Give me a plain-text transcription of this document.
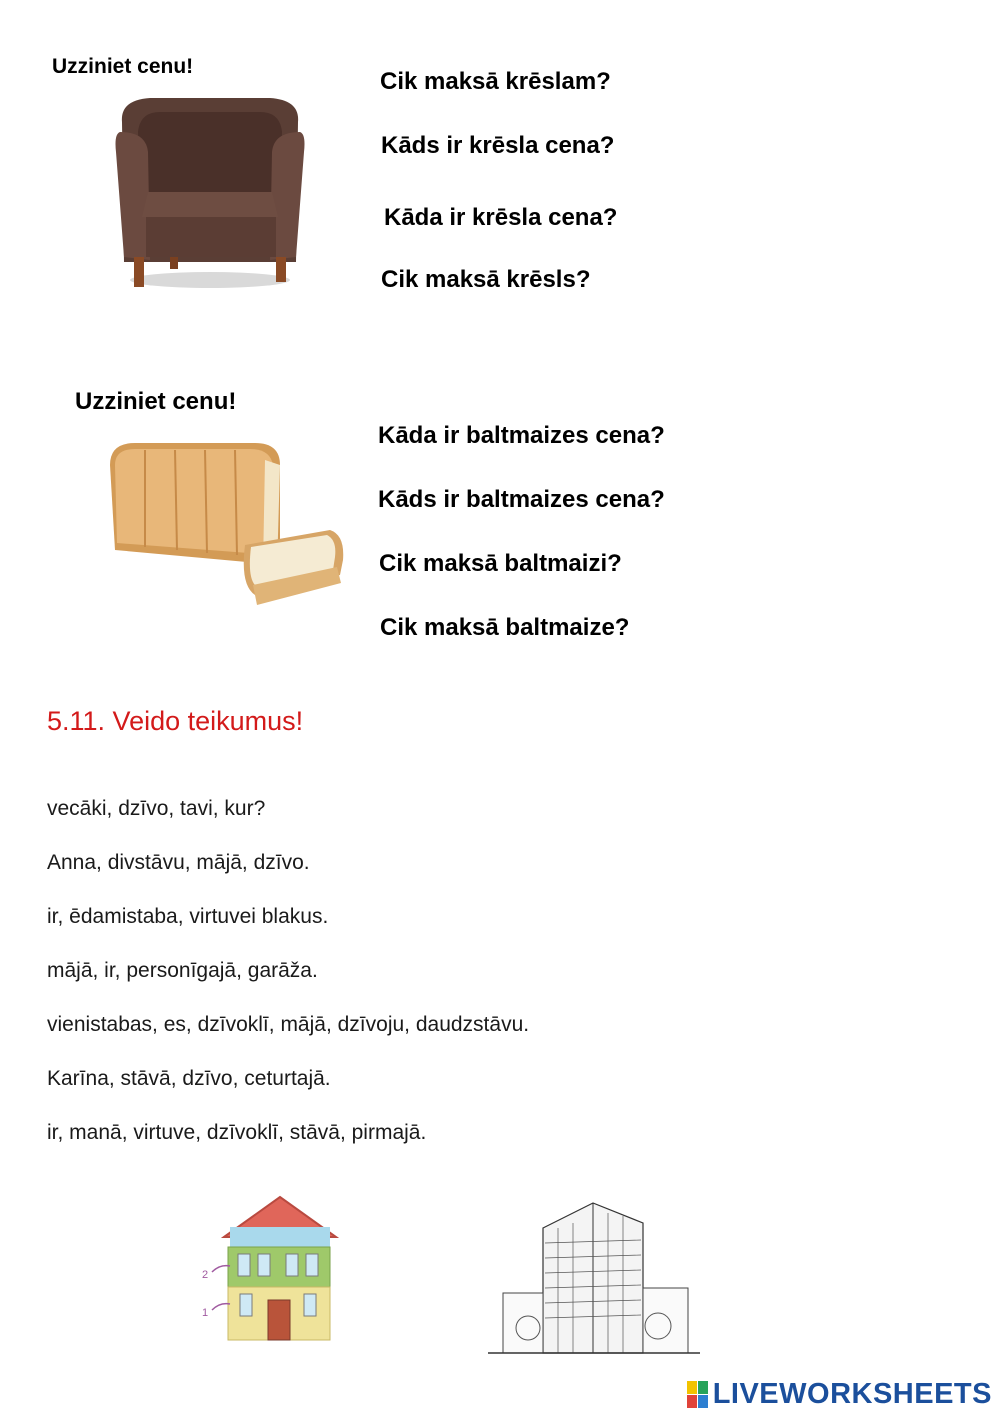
Uzziniet cenu!
Cik maksā krēslam?
Kāds ir krēsla cena?
Kāda ir krēsla cena?
Cik maksā krēsls?
Uzziniet cenu!
Kāda ir baltmaizes cena?
Kāds ir baltmaizes cena?
Cik maksā baltmaizi?
Cik maksā baltmaize?
5.11. Veido teikumus!
vecāki, dzīvo, tavi, kur?
Anna, divstāvu, mājā, dzīvo.
ir, ēdamistaba, virtuvei blakus.
mājā, ir, personīgajā, garāža.
vienistabas, es, dzīvoklī, mājā, dzīvoju, daudzstāvu.
Karīna, stāvā, dzīvo, ceturtajā.
ir, manā, virtuve, dzīvoklī, stāvā, pirmajā.
2
1
LIVEWORKSHEETS
